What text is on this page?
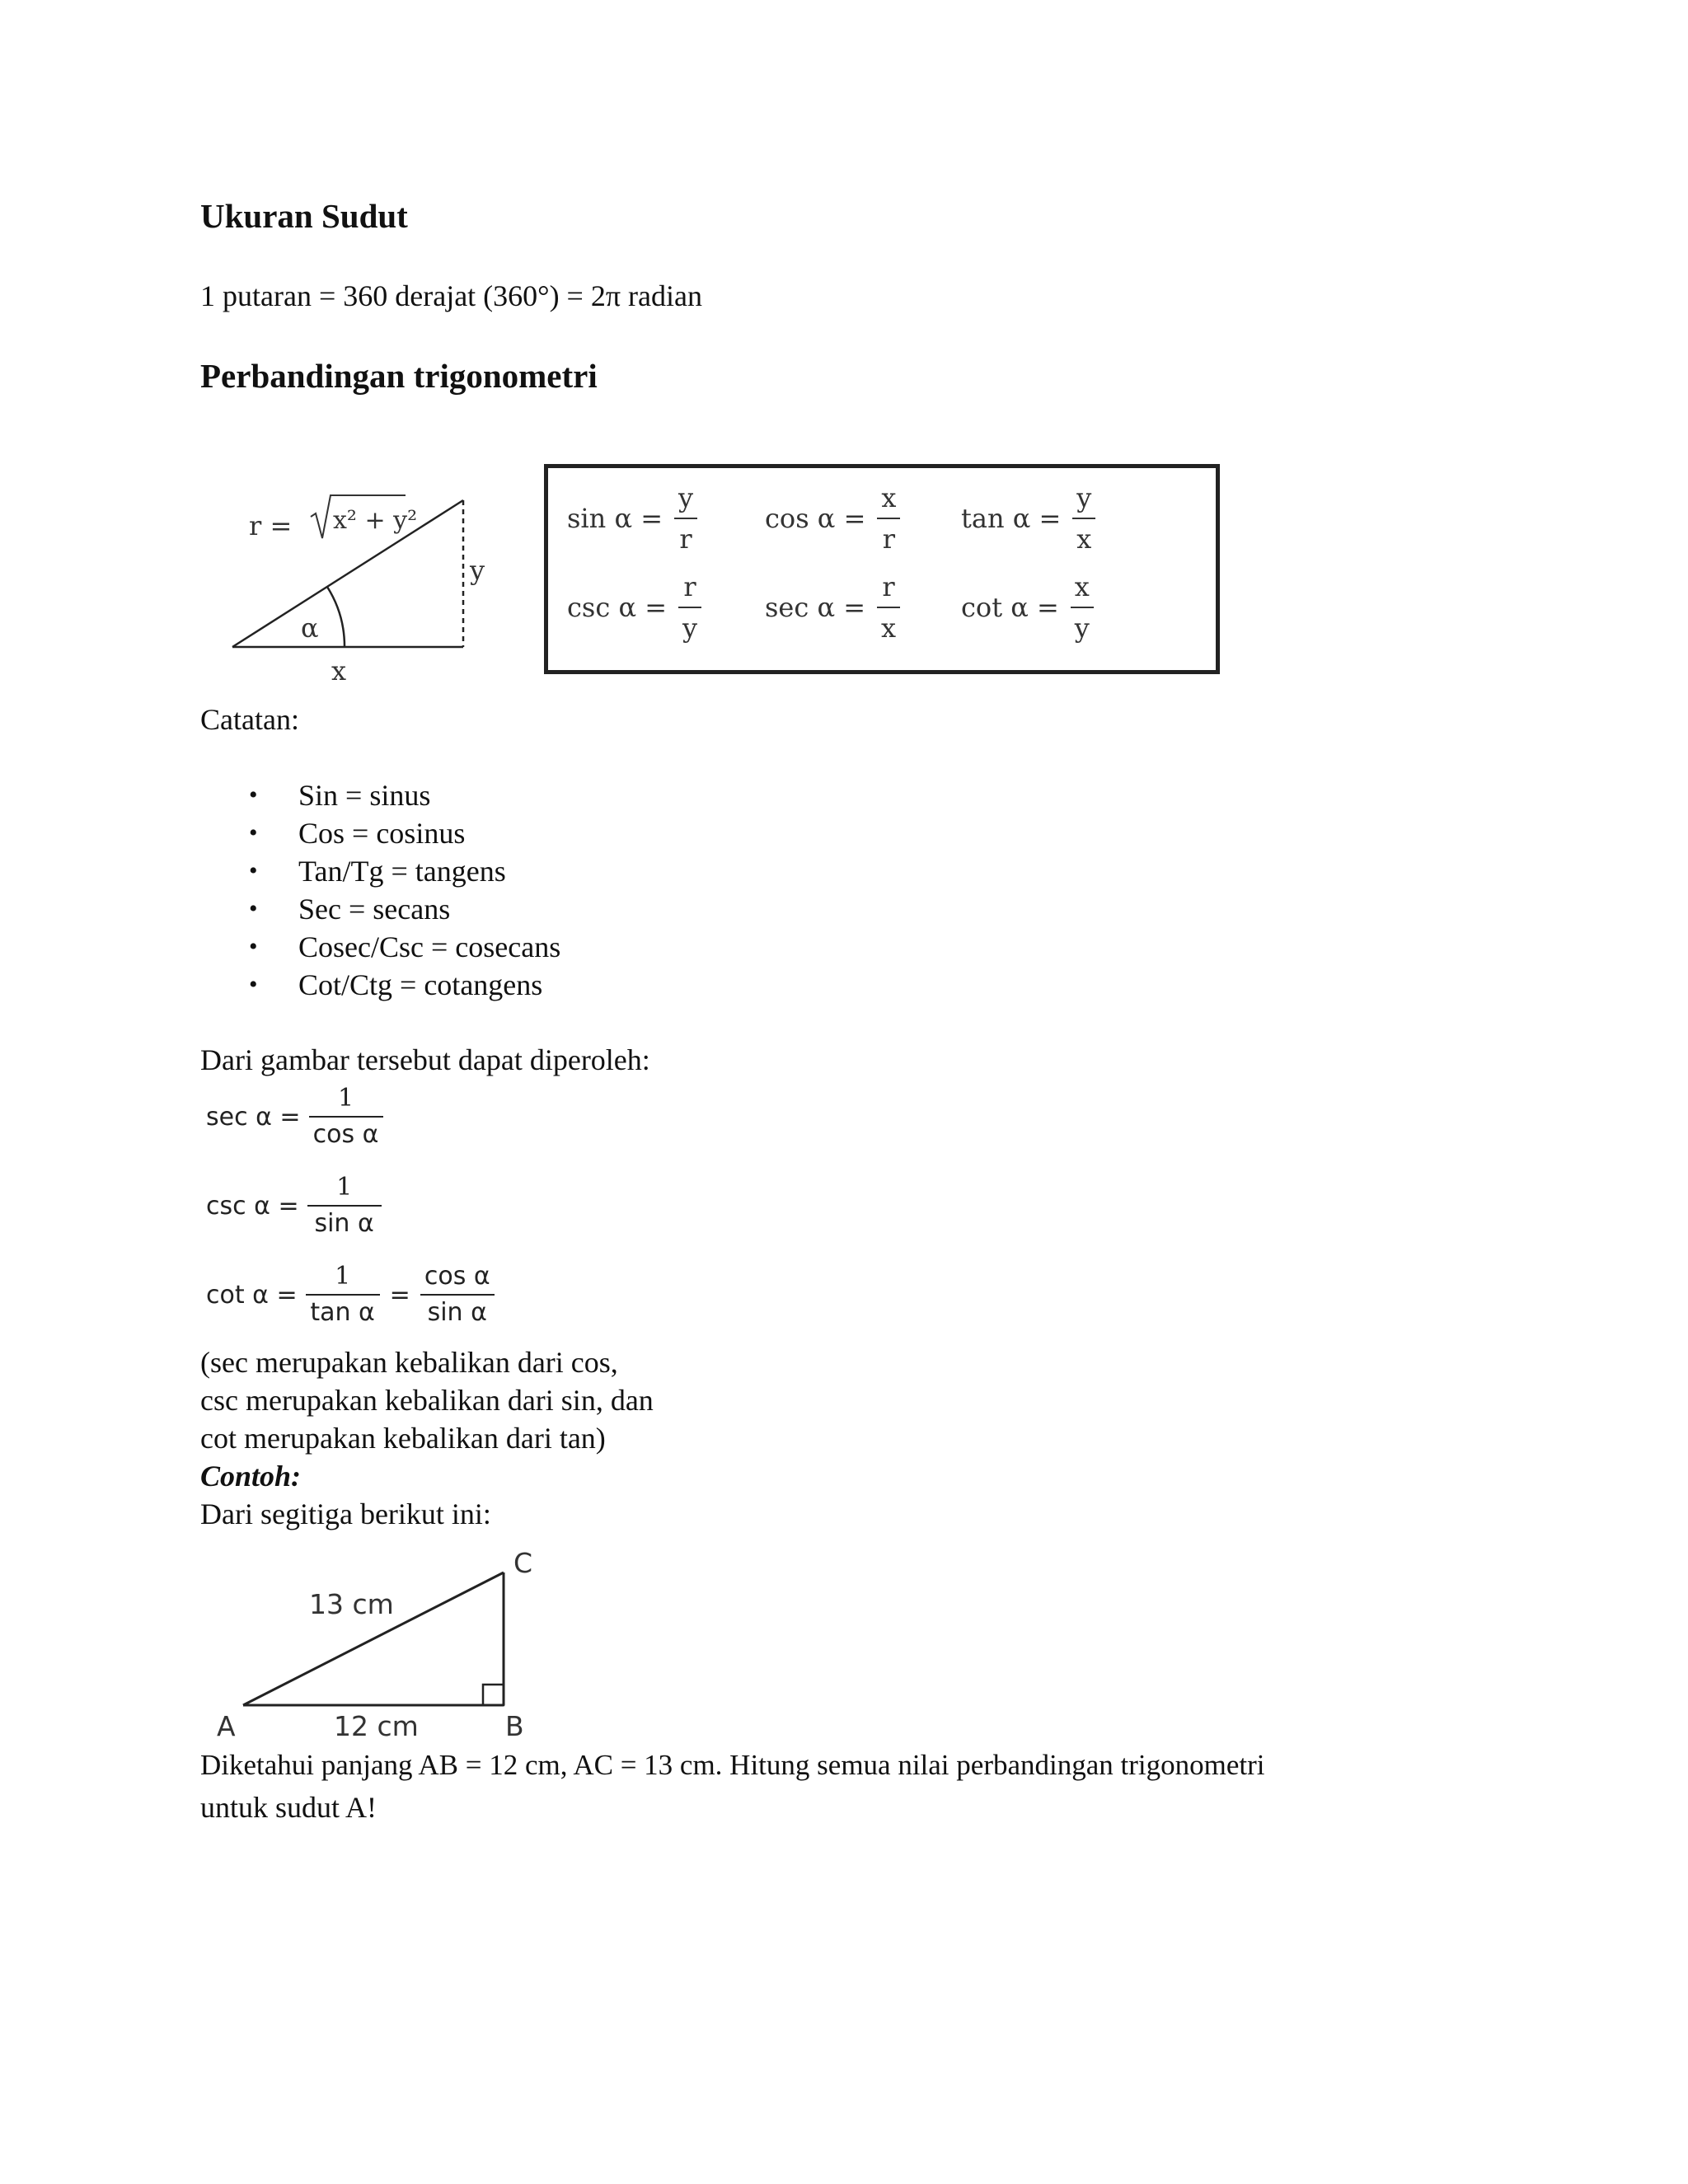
Ukuran Sudut
1 putaran = 360 derajat (360°) = 2π radian
Perbandingan trigonometri
r = x² + y²
y
α
x
$\sin \alpha = \frac{y}{r}$	$\cos \alpha = \frac{x}{r}$ $\tan \alpha = \frac{y}{x}$
$\csc \alpha = \frac{r}{y}$ $\sec \alpha = \frac{r}{x}$ $\cot \alpha = \frac{x}{y}$
Catatan:
• Sin = sinus
• Cos = cosinus
• Tan/Tg = tangens
• Sec = secans
• Cosec/Csc = cosecans
• Cot/Ctg = cotangens
Dari gambar tersebut dapat diperoleh:
$\sec \alpha = \frac{1}{\text{cos α}}$
$\csc \alpha = \frac{1}{\text{sin α}}$
$\cot \alpha = \frac{1}{\text{tan α}} = \frac{\text{cos α}}{\text{sin α}}$
(sec merupakan kebalikan dari cos,
csc merupakan kebalikan dari sin, dan
cot merupakan kebalikan dari tan)
Contoh:
Dari segitiga berikut ini:
13 cm
12 cm
A	B
C
Diketahui panjang AB = 12 cm, AC = 13 cm. Hitung semua nilai perbandingan trigonometri
untuk sudut A!
